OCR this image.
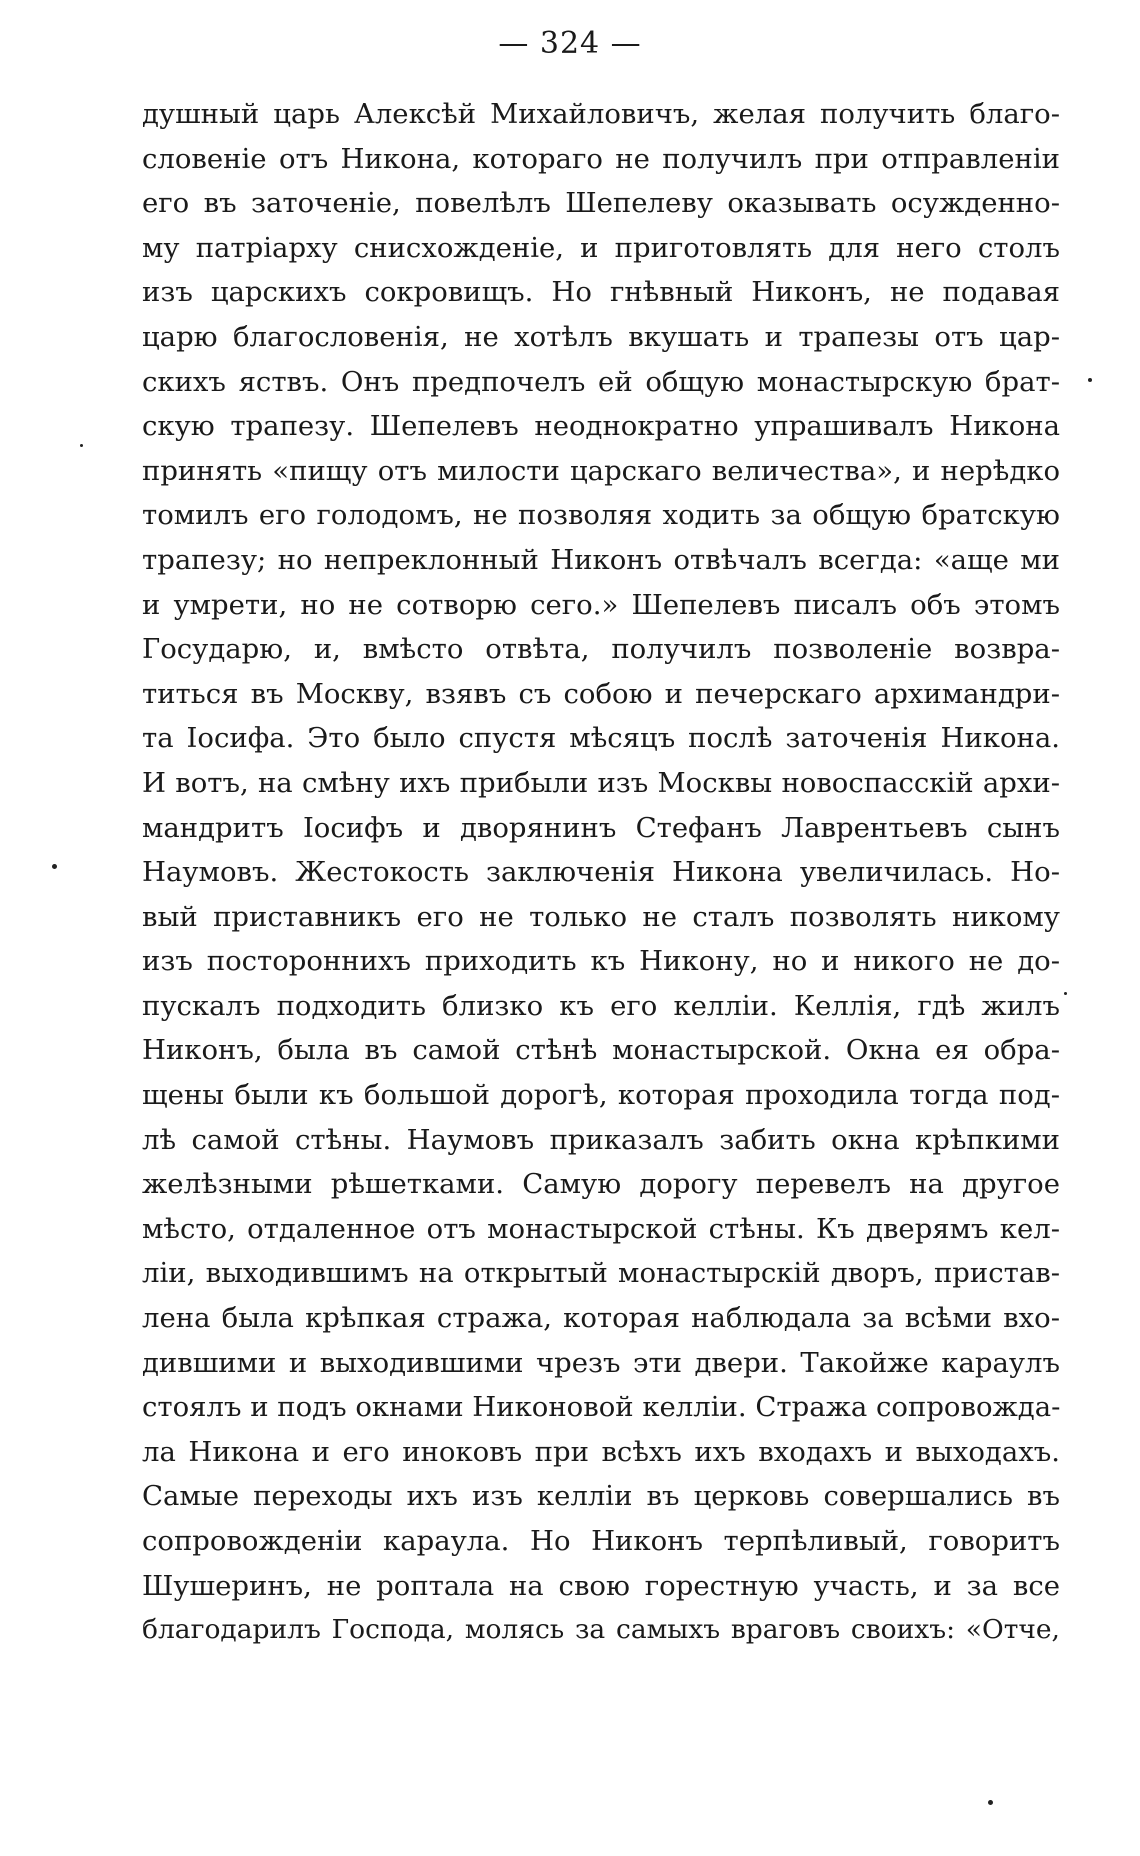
— 324 —
душный царь Алексѣй Михайловичъ, желая получить благо-
словеніе отъ Никона, котораго не получилъ при отправленіи
его въ заточеніе, повелѣлъ Шепелеву оказывать осужденно-
му патріарху снисхожденіе, и приготовлять для него столъ
изъ царскихъ сокровищъ. Но гнѣвный Никонъ, не подавая
царю благословенія, не хотѣлъ вкушать и трапезы отъ цар-
скихъ яствъ. Онъ предпочелъ ей общую монастырскую брат-
скую трапезу. Шепелевъ неоднократно упрашивалъ Никона
принять «пищу отъ милости царскаго величества», и нерѣдко
томилъ его голодомъ, не позволяя ходить за общую братскую
трапезу; но непреклонный Никонъ отвѣчалъ всегда: «аще ми
и умрети, но не сотворю сего.» Шепелевъ писалъ объ этомъ
Государю, и, вмѣсто отвѣта, получилъ позволеніе возвра-
титься въ Москву, взявъ съ собою и печерскаго архимандри-
та Іосифа. Это было спустя мѣсяцъ послѣ заточенія Никона.
И вотъ, на смѣну ихъ прибыли изъ Москвы новоспасскій архи-
мандритъ Іосифъ и дворянинъ Стефанъ Лаврентьевъ сынъ
Наумовъ. Жестокость заключенія Никона увеличилась. Но-
вый приставникъ его не только не сталъ позволять никому
изъ постороннихъ приходить къ Никону, но и никого не до-
пускалъ подходить близко къ его келліи. Келлія, гдѣ жилъ
Никонъ, была въ самой стѣнѣ монастырской. Окна ея обра-
щены были къ большой дорогѣ, которая проходила тогда под-
лѣ самой стѣны. Наумовъ приказалъ забить окна крѣпкими
желѣзными рѣшетками. Самую дорогу перевелъ на другое
мѣсто, отдаленное отъ монастырской стѣны. Къ дверямъ кел-
ліи, выходившимъ на открытый монастырскій дворъ, пристав-
лена была крѣпкая стража, которая наблюдала за всѣми вхо-
дившими и выходившими чрезъ эти двери. Такойже караулъ
стоялъ и подъ окнами Никоновой келліи. Стража сопровожда-
ла Никона и его иноковъ при всѣхъ ихъ входахъ и выходахъ.
Самые переходы ихъ изъ келліи въ церковь совершались въ
сопровожденіи караула. Но Никонъ терпѣливый, говоритъ
Шушеринъ, не роптала на свою горестную участь, и за все
благодарилъ Господа, молясь за самыхъ враговъ своихъ: «Отче,
